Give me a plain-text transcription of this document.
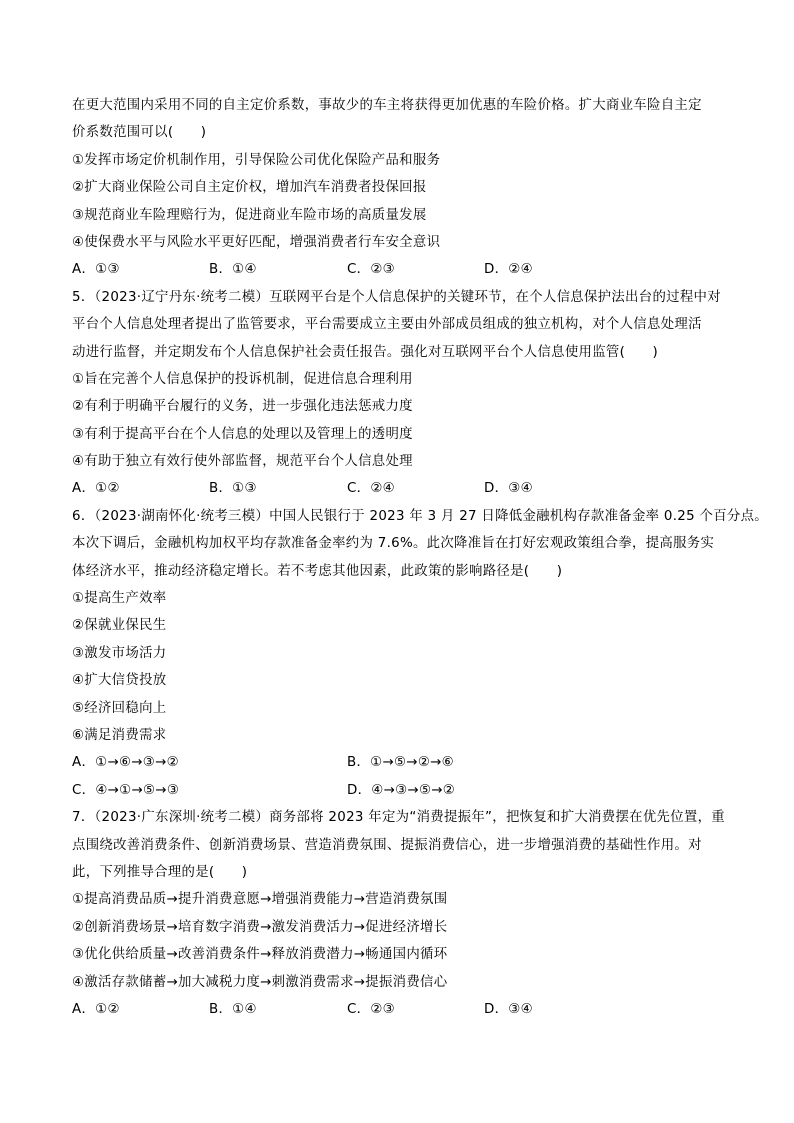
在更大范围内采用不同的自主定价系数，事故少的车主将获得更加优惠的车险价格。扩大商业车险自主定
价系数范围可以(　　)
①发挥市场定价机制作用，引导保险公司优化保险产品和服务
②扩大商业保险公司自主定价权，增加汽车消费者投保回报
③规范商业车险理赔行为，促进商业车险市场的高质量发展
④使保费水平与风险水平更好匹配，增强消费者行车安全意识
A．①③	B．①④	C．②③	D．②④
5．（2023·辽宁丹东·统考二模）互联网平台是个人信息保护的关键环节，在个人信息保护法出台的过程中对
平台个人信息处理者提出了监管要求，平台需要成立主要由外部成员组成的独立机构，对个人信息处理活
动进行监督，并定期发布个人信息保护社会责任报告。强化对互联网平台个人信息使用监管(　　)
①旨在完善个人信息保护的投诉机制，促进信息合理利用
②有利于明确平台履行的义务，进一步强化违法惩戒力度
③有利于提高平台在个人信息的处理以及管理上的透明度
④有助于独立有效行使外部监督，规范平台个人信息处理
A．①②	B．①③	C．②④	D．③④
6．（2023·湖南怀化·统考三模）中国人民银行于 2023 年 3 月 27 日降低金融机构存款准备金率 0.25 个百分点。
本次下调后，金融机构加权平均存款准备金率约为 7.6%。此次降准旨在打好宏观政策组合拳，提高服务实
体经济水平，推动经济稳定增长。若不考虑其他因素，此政策的影响路径是(　　)
①提高生产效率
②保就业保民生
③激发市场活力
④扩大信贷投放
⑤经济回稳向上
⑥满足消费需求
A．①→⑥→③→②	B．①→⑤→②→⑥
C．④→①→⑤→③	D．④→③→⑤→②
7．（2023·广东深圳·统考二模）商务部将 2023 年定为“消费提振年”，把恢复和扩大消费摆在优先位置，重
点围绕改善消费条件、创新消费场景、营造消费氛围、提振消费信心，进一步增强消费的基础性作用。对
此，下列推导合理的是(　　)
①提高消费品质→提升消费意愿→增强消费能力→营造消费氛围
②创新消费场景→培育数字消费→激发消费活力→促进经济增长
③优化供给质量→改善消费条件→释放消费潜力→畅通国内循环
④激活存款储蓄→加大减税力度→刺激消费需求→提振消费信心
A．①②	B．①④	C．②③	D．③④
